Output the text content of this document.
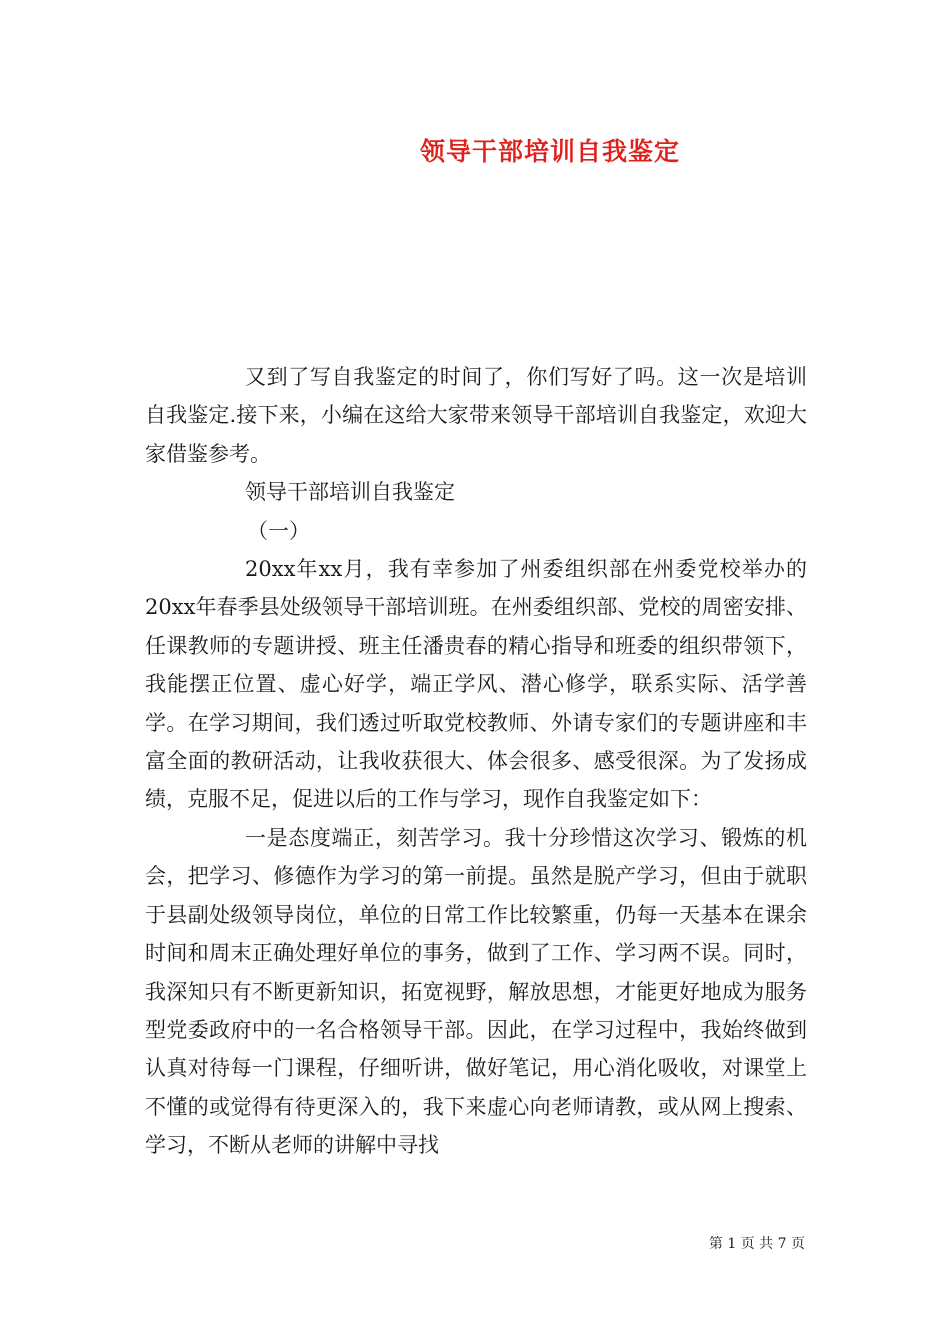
领导干部培训自我鉴定

又到了写自我鉴定的时间了，你们写好了吗。这一次是培训自我鉴定.接下来，小编在这给大家带来领导干部培训自我鉴定，欢迎大家借鉴参考。

领导干部培训自我鉴定

（一）

20xx年xx月，我有幸参加了州委组织部在州委党校举办的20xx年春季县处级领导干部培训班。在州委组织部、党校的周密安排、任课教师的专题讲授、班主任潘贵春的精心指导和班委的组织带领下，我能摆正位置、虚心好学，端正学风、潜心修学，联系实际、活学善学。在学习期间，我们透过听取党校教师、外请专家们的专题讲座和丰富全面的教研活动，让我收获很大、体会很多、感受很深。为了发扬成绩，克服不足，促进以后的工作与学习，现作自我鉴定如下：

一是态度端正，刻苦学习。我十分珍惜这次学习、锻炼的机会，把学习、修德作为学习的第一前提。虽然是脱产学习，但由于就职于县副处级领导岗位，单位的日常工作比较繁重，仍每一天基本在课余时间和周末正确处理好单位的事务，做到了工作、学习两不误。同时，我深知只有不断更新知识，拓宽视野，解放思想，才能更好地成为服务型党委政府中的一名合格领导干部。因此，在学习过程中，我始终做到认真对待每一门课程，仔细听讲，做好笔记，用心消化吸收，对课堂上不懂的或觉得有待更深入的，我下来虚心向老师请教，或从网上搜索、学习，不断从老师的讲解中寻找

第 1 页 共 7 页
